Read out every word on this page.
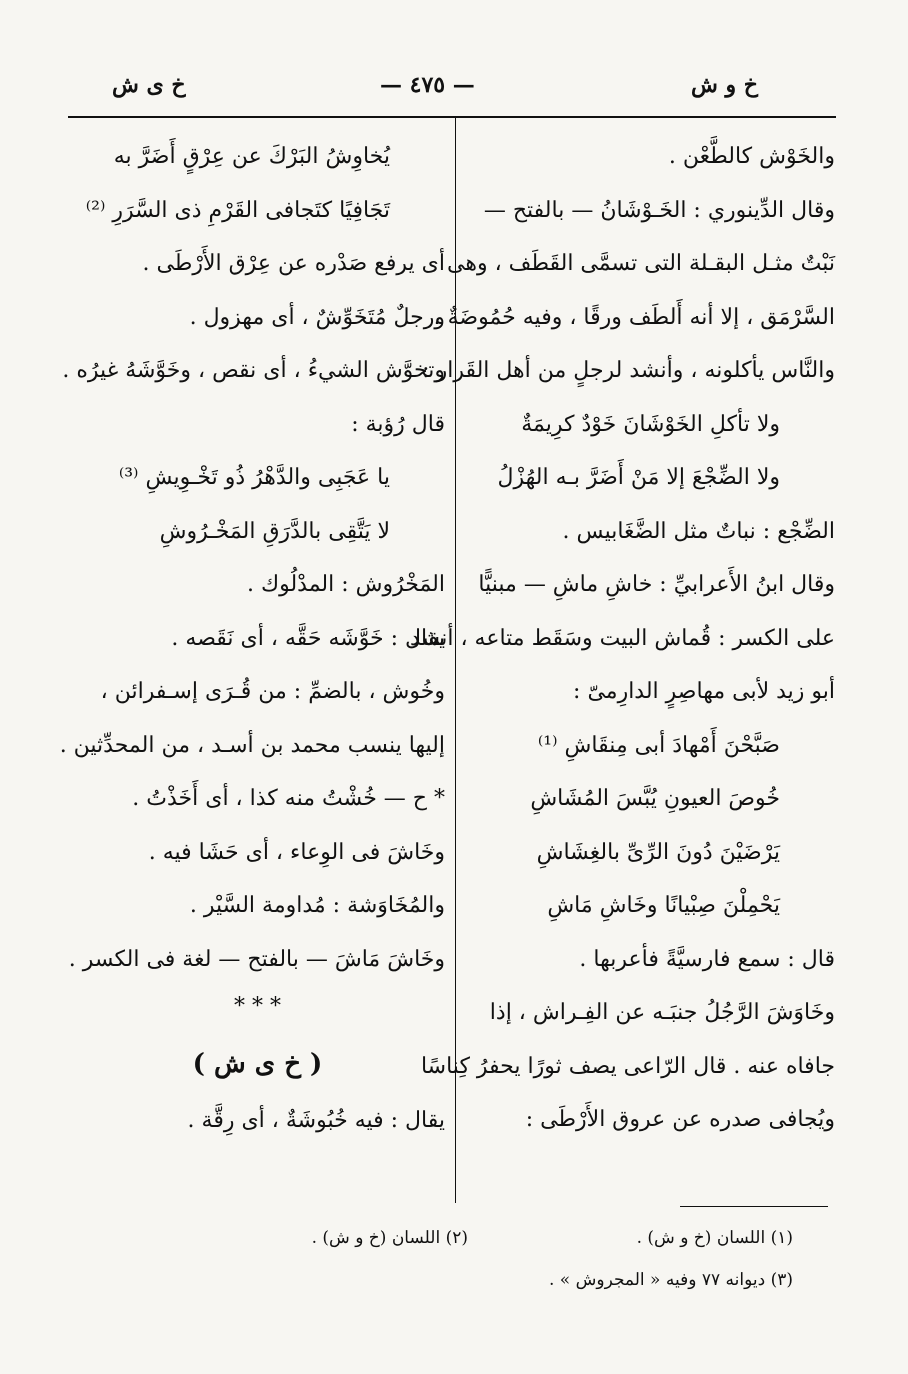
خ و ش
— ٤٧٥ —
خ ى ش
والخَوْش كالطَّعْن .
وقال الدِّينوري : الخَـوْشَانُ — بالفتح —
نَبْتٌ مثـل البقـلة التى تسمَّى القَطَف ، وهى
السَّرْمَق ، إلا أنه أَلطَف ورقًا ، وفيه حُمُوضَةٌ ،
والنَّاس يأكلونه ، وأنشد لرجلٍ من أهل القَرار :
ولا تأكلِ الخَوْشَانَ خَوْدٌ كرِيمَةٌ
ولا الضِّجْعَ إلا مَنْ أَضَرَّ بـه الهُزْلُ
الضِّجْع : نباتٌ مثل الضَّغَابيس .
وقال ابنُ الأَعرابيِّ : خاشِ ماشِ — مبنيًّا
على الكسر : قُماش البيت وسَقَط متاعه ، أنشد
أبو زيد لأبى مهاصِرٍ الدارِمىّ :
صَبَّحْنَ أَمْهادَ أبى مِنقَاشِ ⁽¹⁾
خُوصَ العيونِ يُبَّسَ المُشَاشِ
يَرْضَيْنَ دُونَ الرِّىِّ بالغِشَاشِ
يَحْمِلْنَ صِبْيانًا وخَاشِ مَاشِ
قال : سمع فارسيَّةً فأعربها .
وخَاوَشَ الرَّجُلُ جنبَـه عن الفِـراش ، إذا
جافاه عنه . قال الرّاعى يصف ثورًا يحفرُ كِناسًا
ويُجافى صدره عن عروق الأَرْطَى :
يُخاوِشُ البَرْكَ عن عِرْقٍ أَضَرَّ به
تَجَافِيًا كتَجافى القَرْمِ ذى السَّرَرِ ⁽²⁾
أى يرفع صَدْره عن عِرْق الأَرْطَى .
ورجلٌ مُتَخَوِّشٌ ، أى مهزول .
وتخوَّش الشيءُ ، أى نقص ، وخَوَّشَهُ غيرُه .
قال رُؤبة :
يا عَجَبِى والدَّهْرُ ذُو تَخْـوِيشِ ⁽³⁾
لا يَتَّقِى بالدَّرَقِ المَخْـرُوشِ
المَخْرُوش : المدْلُوك .
يقال : خَوَّشَه حَقَّه ، أى نَقَصه .
وخُوش ، بالضمِّ : من قُـرَى إسـفرائن ،
إليها ينسب محمد بن أسـد ، من المحدِّثين .
* ح — خُشْتُ منه كذا ، أى أَخَذْتُ .
وخَاشَ فى الوِعاء ، أى حَشَا فيه .
والمُخَاوَشة : مُداومة السَّيْر .
وخَاشَ مَاشَ — بالفتح — لغة فى الكسر .
* * *
( خ ى ش )
يقال : فيه خُبُوشَةٌ ، أى رِقَّة .
(١) اللسان (خ و ش) .
(٢) اللسان (خ و ش) .
(٣) ديوانه ٧٧ وفيه « المجروش » .
